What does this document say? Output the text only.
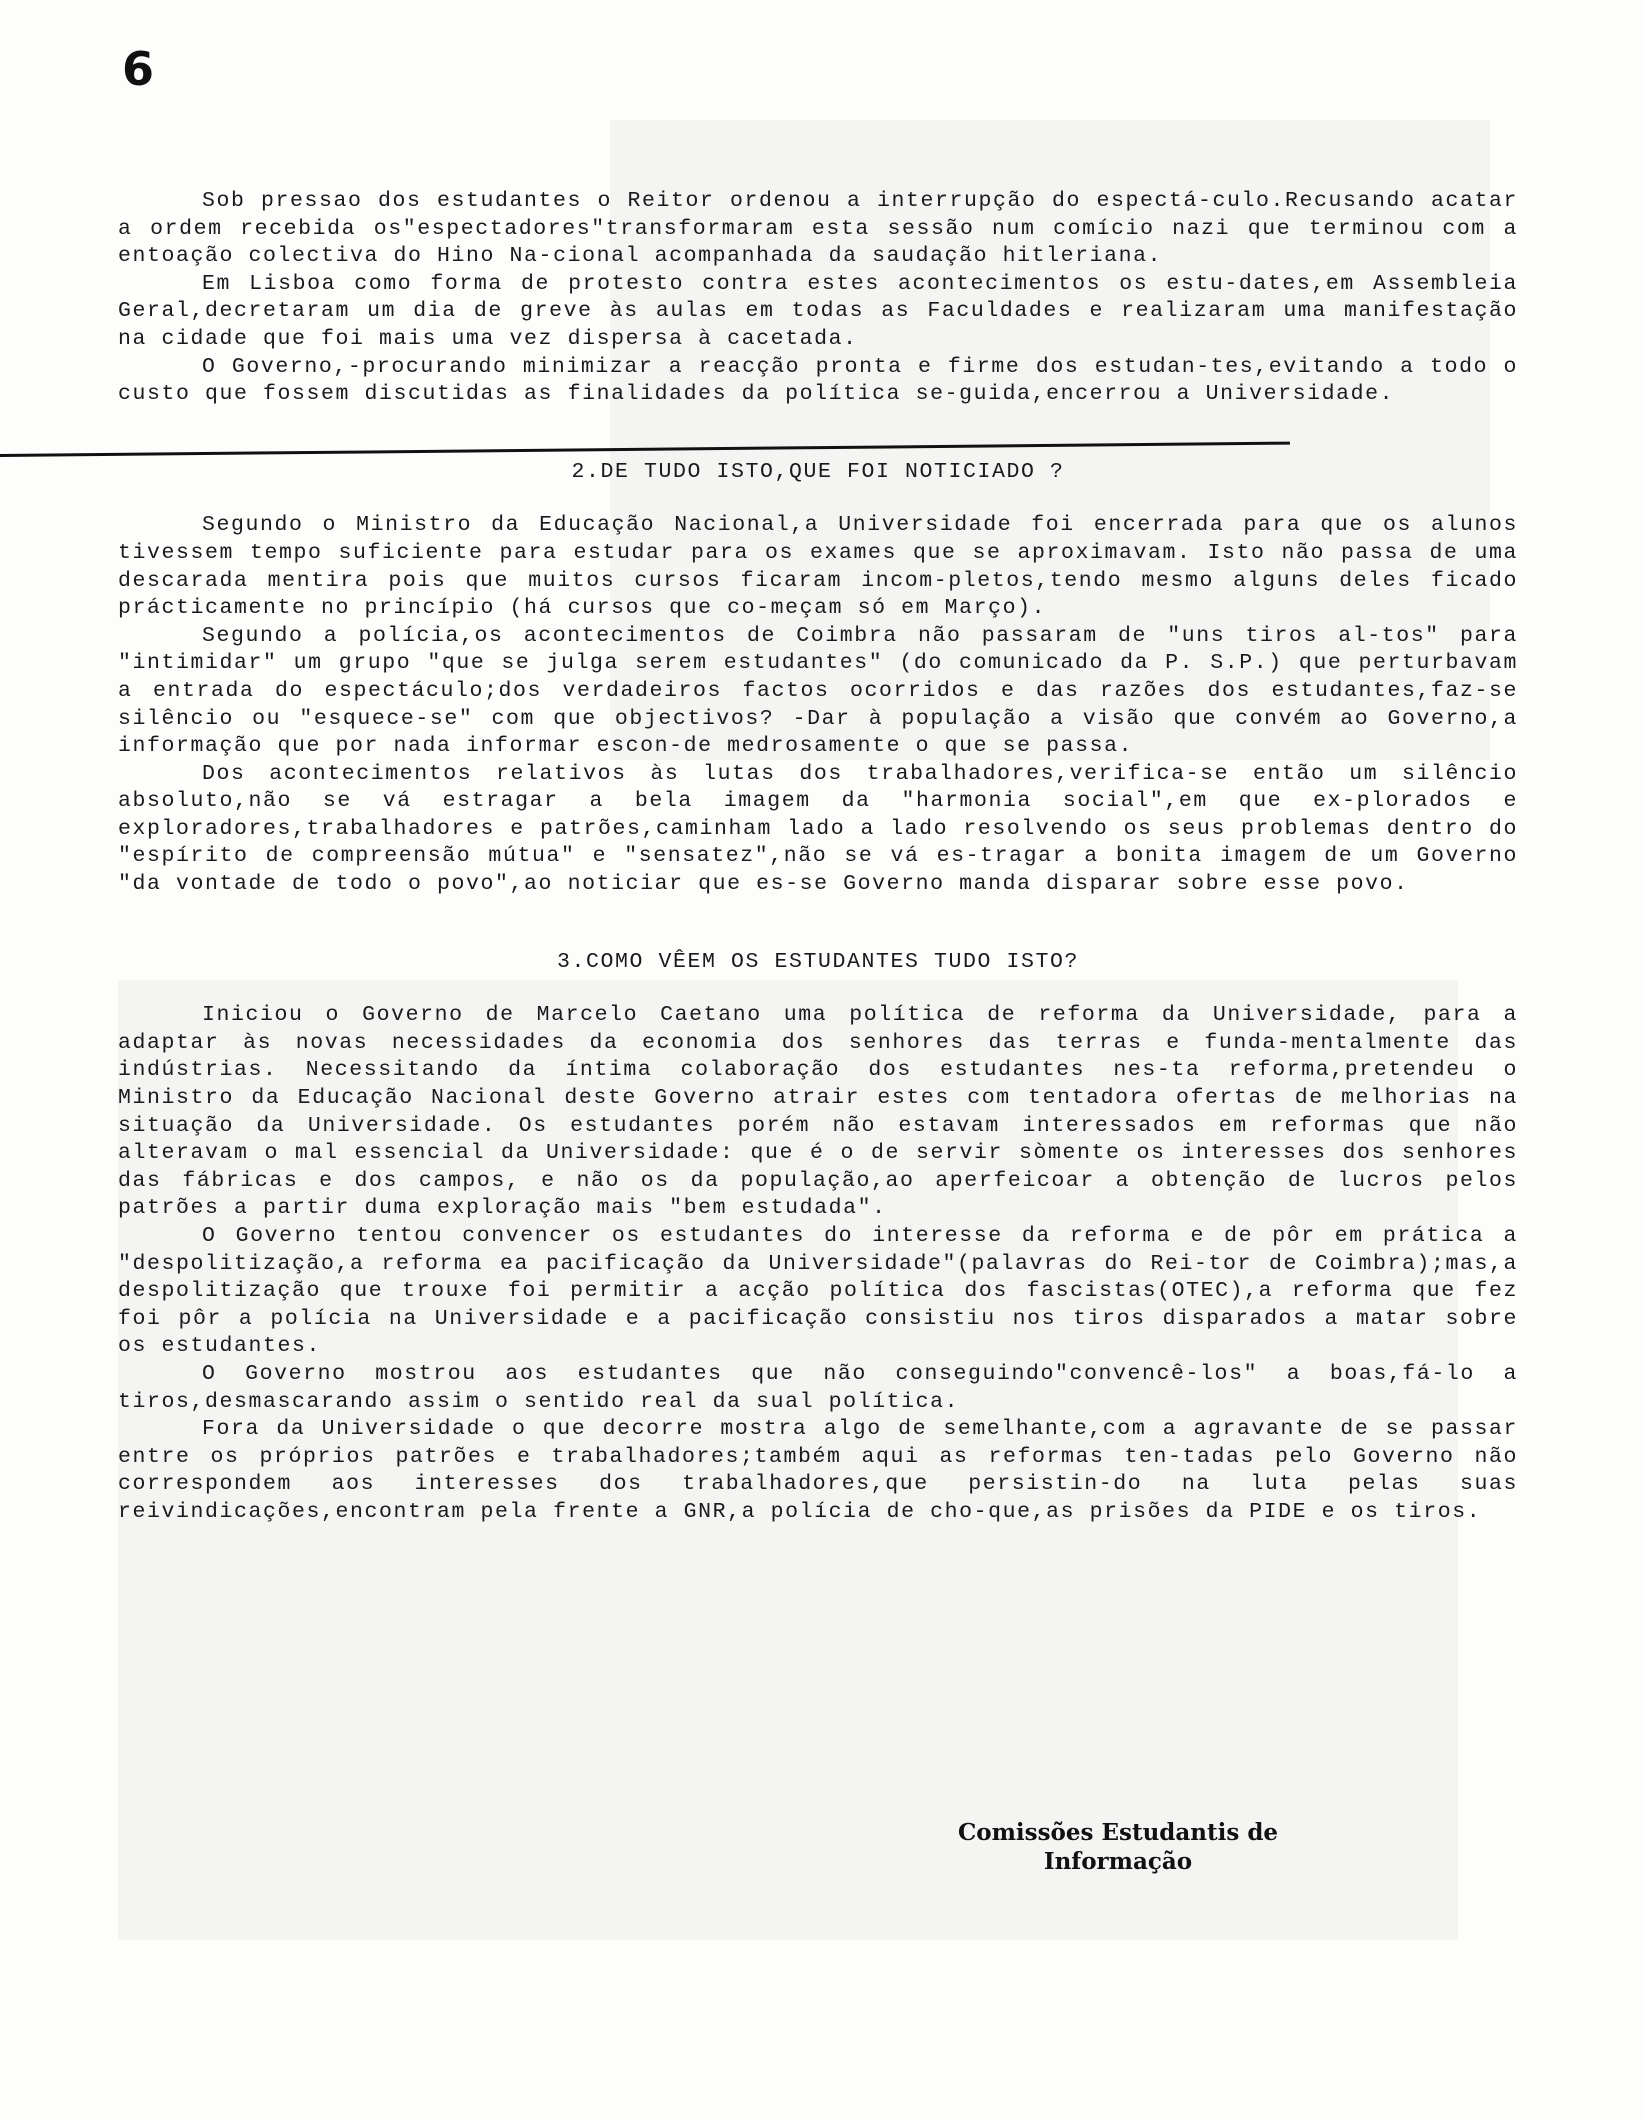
6

Sob pressao dos estudantes o Reitor ordenou a interrupção do espectá-culo.Recusando acatar a ordem recebida os"espectadores"transformaram esta sessão num comício nazi que terminou com a entoação colectiva do Hino Na-cional acompanhada da saudação hitleriana.

Em Lisboa como forma de protesto contra estes acontecimentos os estu-dates,em Assembleia Geral,decretaram um dia de greve às aulas em todas as Faculdades e realizaram uma manifestação na cidade que foi mais uma vez dispersa à cacetada.

O Governo,-procurando minimizar a reacção pronta e firme dos estudan-tes,evitando a todo o custo que fossem discutidas as finalidades da política se-guida,encerrou a Universidade.

2.DE TUDO ISTO,QUE FOI NOTICIADO ?

Segundo o Ministro da Educação Nacional,a Universidade foi encerrada para que os alunos tivessem tempo suficiente para estudar para os exames que se aproximavam. Isto não passa de uma descarada mentira pois que muitos cursos ficaram incom-pletos,tendo mesmo alguns deles ficado prácticamente no princípio (há cursos que co-meçam só em Março).

Segundo a polícia,os acontecimentos de Coimbra não passaram de "uns tiros al-tos" para "intimidar" um grupo "que se julga serem estudantes" (do comunicado da P. S.P.) que perturbavam a entrada do espectáculo;dos verdadeiros factos ocorridos e das razões dos estudantes,faz-se silêncio ou "esquece-se" com que objectivos? -Dar à população a visão que convém ao Governo,a informação que por nada informar escon-de medrosamente o que se passa.

Dos acontecimentos relativos às lutas dos trabalhadores,verifica-se então um silêncio absoluto,não se vá estragar a bela imagem da "harmonia social",em que ex-plorados e exploradores,trabalhadores e patrões,caminham lado a lado resolvendo os seus problemas dentro do "espírito de compreensão mútua" e "sensatez",não se vá es-tragar a bonita imagem de um Governo "da vontade de todo o povo",ao noticiar que es-se Governo manda disparar sobre esse povo.

3.COMO VÊEM OS ESTUDANTES TUDO ISTO?

Iniciou o Governo de Marcelo Caetano uma política de reforma da Universidade, para a adaptar às novas necessidades da economia dos senhores das terras e funda-mentalmente das indústrias. Necessitando da íntima colaboração dos estudantes nes-ta reforma,pretendeu o Ministro da Educação Nacional deste Governo atrair estes com tentadora ofertas de melhorias na situação da Universidade. Os estudantes porém não estavam interessados em reformas que não alteravam o mal essencial da Universidade: que é o de servir sòmente os interesses dos senhores das fábricas e dos campos, e não os da população,ao aperfeicoar a obtenção de lucros pelos patrões a partir duma exploração mais "bem estudada".

O Governo tentou convencer os estudantes do interesse da reforma e de pôr em prática a "despolitização,a reforma ea pacificação da Universidade"(palavras do Rei-tor de Coimbra);mas,a despolitização que trouxe foi permitir a acção política dos fascistas(OTEC),a reforma que fez foi pôr a polícia na Universidade e a pacificação consistiu nos tiros disparados a matar sobre os estudantes.

O Governo mostrou aos estudantes que não conseguindo"convencê-los" a boas,fá-lo a tiros,desmascarando assim o sentido real da sual política.

Fora da Universidade o que decorre mostra algo de semelhante,com a agravante de se passar entre os próprios patrões e trabalhadores;também aqui as reformas ten-tadas pelo Governo não correspondem aos interesses dos trabalhadores,que persistin-do na luta pelas suas reivindicações,encontram pela frente a GNR,a polícia de cho-que,as prisões da PIDE e os tiros.

Comissões Estudantis de
Informação
